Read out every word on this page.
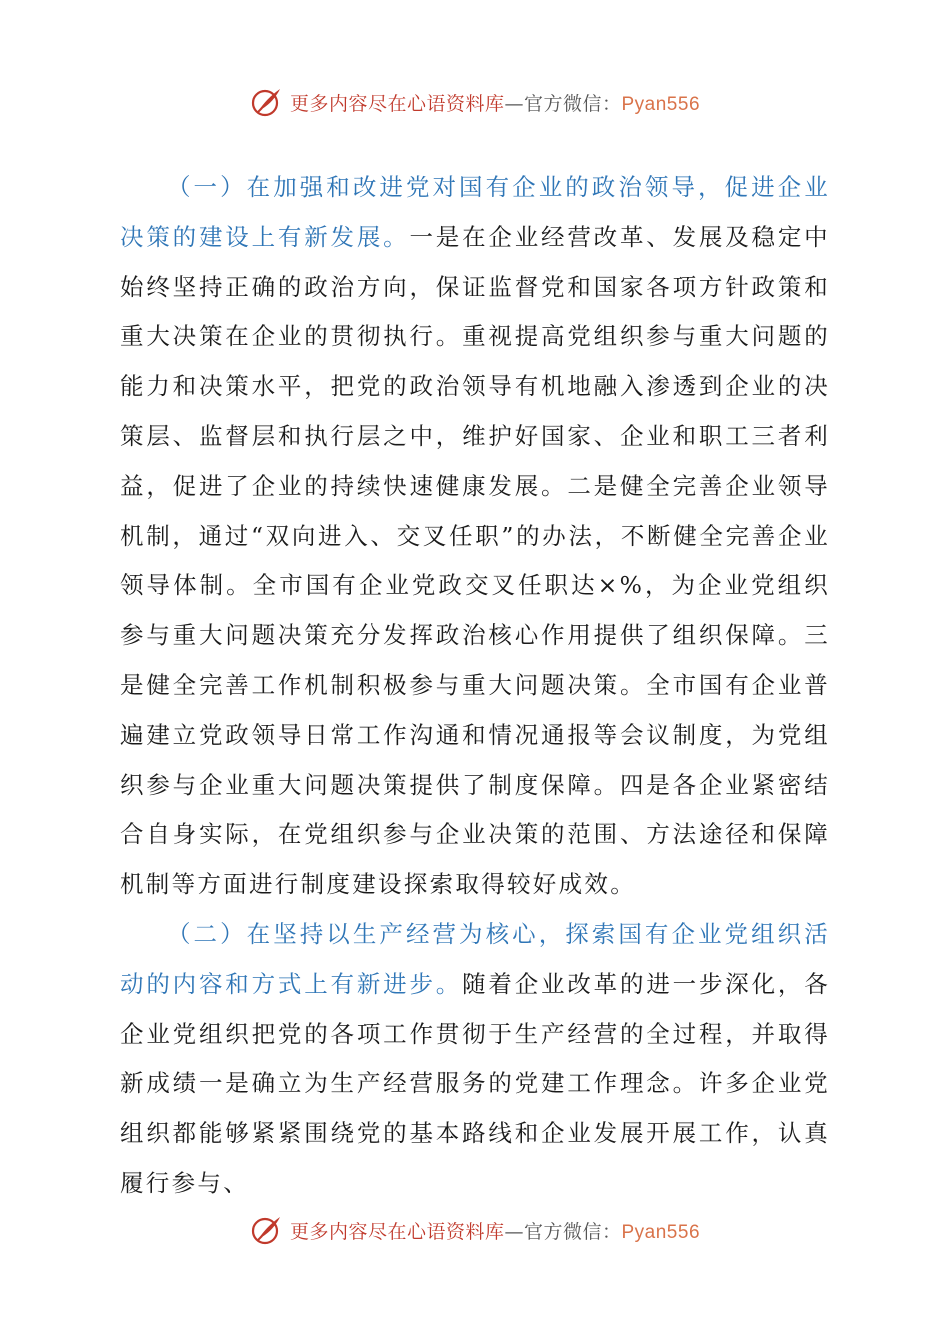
更多内容尽在心语资料库—官方微信：Pyan556

（一）在加强和改进党对国有企业的政治领导，促进企业决策的建设上有新发展。一是在企业经营改革、发展及稳定中始终坚持正确的政治方向，保证监督党和国家各项方针政策和重大决策在企业的贯彻执行。重视提高党组织参与重大问题的能力和决策水平，把党的政治领导有机地融入渗透到企业的决策层、监督层和执行层之中，维护好国家、企业和职工三者利益，促进了企业的持续快速健康发展。二是健全完善企业领导机制，通过“双向进入、交叉任职”的办法，不断健全完善企业领导体制。全市国有企业党政交叉任职达×%，为企业党组织参与重大问题决策充分发挥政治核心作用提供了组织保障。三是健全完善工作机制积极参与重大问题决策。全市国有企业普遍建立党政领导日常工作沟通和情况通报等会议制度，为党组织参与企业重大问题决策提供了制度保障。四是各企业紧密结合自身实际，在党组织参与企业决策的范围、方法途径和保障机制等方面进行制度建设探索取得较好成效。

（二）在坚持以生产经营为核心，探索国有企业党组织活动的内容和方式上有新进步。随着企业改革的进一步深化，各企业党组织把党的各项工作贯彻于生产经营的全过程，并取得新成绩一是确立为生产经营服务的党建工作理念。许多企业党组织都能够紧紧围绕党的基本路线和企业发展开展工作，认真履行参与、

更多内容尽在心语资料库—官方微信：Pyan556
